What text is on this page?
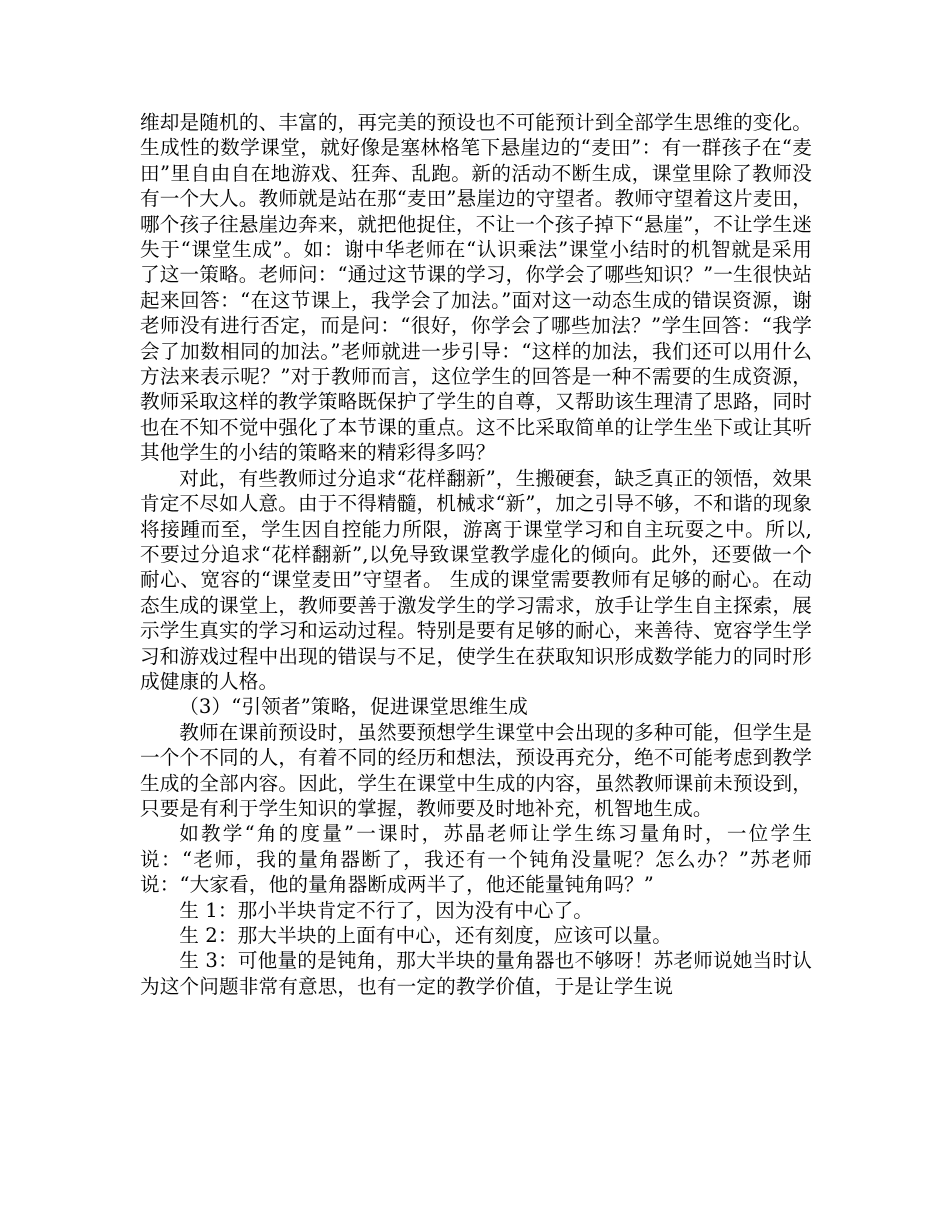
维却是随机的、丰富的，再完美的预设也不可能预计到全部学生思维的变化。生成性的数学课堂，就好像是塞林格笔下悬崖边的“麦田”：有一群孩子在“麦田”里自由自在地游戏、狂奔、乱跑。新的活动不断生成，课堂里除了教师没有一个大人。教师就是站在那“麦田”悬崖边的守望者。教师守望着这片麦田，哪个孩子往悬崖边奔来，就把他捉住，不让一个孩子掉下“悬崖”，不让学生迷失于“课堂生成”。如：谢中华老师在“认识乘法”课堂小结时的机智就是采用了这一策略。老师问：“通过这节课的学习，你学会了哪些知识？”一生很快站起来回答：“在这节课上，我学会了加法。”面对这一动态生成的错误资源，谢老师没有进行否定，而是问：“很好，你学会了哪些加法？”学生回答：“我学会了加数相同的加法。”老师就进一步引导：“这样的加法，我们还可以用什么方法来表示呢？”对于教师而言，这位学生的回答是一种不需要的生成资源，教师采取这样的教学策略既保护了学生的自尊，又帮助该生理清了思路，同时也在不知不觉中强化了本节课的重点。这不比采取简单的让学生坐下或让其听其他学生的小结的策略来的精彩得多吗？

对此，有些教师过分追求“花样翻新”，生搬硬套，缺乏真正的领悟，效果肯定不尽如人意。由于不得精髓，机械求“新”，加之引导不够，不和谐的现象将接踵而至，学生因自控能力所限，游离于课堂学习和自主玩耍之中。所以, 不要过分追求“花样翻新”,以免导致课堂教学虚化的倾向。此外，还要做一个耐心、宽容的“课堂麦田”守望者。 生成的课堂需要教师有足够的耐心。在动态生成的课堂上，教师要善于激发学生的学习需求，放手让学生自主探索，展示学生真实的学习和运动过程。特别是要有足够的耐心，来善待、宽容学生学习和游戏过程中出现的错误与不足，使学生在获取知识形成数学能力的同时形成健康的人格。

（3）“引领者”策略，促进课堂思维生成

教师在课前预设时，虽然要预想学生课堂中会出现的多种可能，但学生是一个个不同的人，有着不同的经历和想法，预设再充分，绝不可能考虑到教学生成的全部内容。因此，学生在课堂中生成的内容，虽然教师课前未预设到，只要是有利于学生知识的掌握，教师要及时地补充，机智地生成。

如教学“角的度量”一课时，苏晶老师让学生练习量角时，一位学生说：“老师，我的量角器断了，我还有一个钝角没量呢？怎么办？”苏老师说：“大家看，他的量角器断成两半了，他还能量钝角吗？”

生 1：那小半块肯定不行了，因为没有中心了。

生 2：那大半块的上面有中心，还有刻度，应该可以量。

生 3：可他量的是钝角，那大半块的量角器也不够呀！苏老师说她当时认为这个问题非常有意思，也有一定的教学价值，于是让学生说
